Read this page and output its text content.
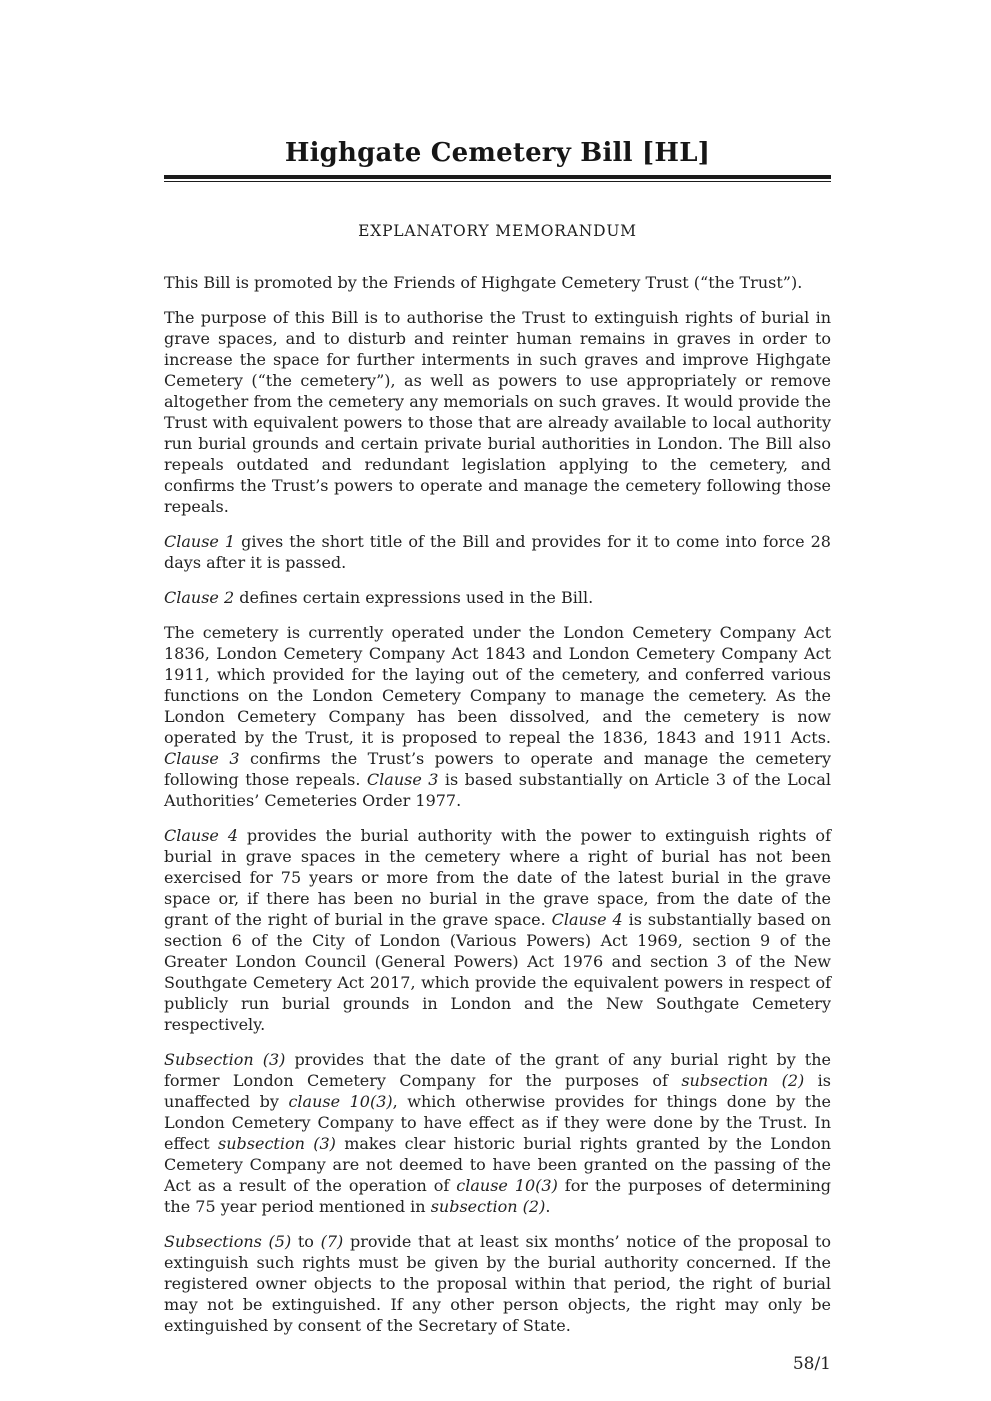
Highgate Cemetery Bill [HL]
EXPLANATORY MEMORANDUM

This Bill is promoted by the Friends of Highgate Cemetery Trust (“the Trust”).

The purpose of this Bill is to authorise the Trust to extinguish rights of burial in grave spaces, and to disturb and reinter human remains in graves in order to increase the space for further interments in such graves and improve Highgate Cemetery (“the cemetery”), as well as powers to use appropriately or remove altogether from the cemetery any memorials on such graves. It would provide the Trust with equivalent powers to those that are already available to local authority run burial grounds and certain private burial authorities in London. The Bill also repeals outdated and redundant legislation applying to the cemetery, and confirms the Trust’s powers to operate and manage the cemetery following those repeals.

Clause 1 gives the short title of the Bill and provides for it to come into force 28 days after it is passed.

Clause 2 defines certain expressions used in the Bill.

The cemetery is currently operated under the London Cemetery Company Act 1836, London Cemetery Company Act 1843 and London Cemetery Company Act 1911, which provided for the laying out of the cemetery, and conferred various functions on the London Cemetery Company to manage the cemetery. As the London Cemetery Company has been dissolved, and the cemetery is now operated by the Trust, it is proposed to repeal the 1836, 1843 and 1911 Acts. Clause 3 confirms the Trust’s powers to operate and manage the cemetery following those repeals. Clause 3 is based substantially on Article 3 of the Local Authorities’ Cemeteries Order 1977.

Clause 4 provides the burial authority with the power to extinguish rights of burial in grave spaces in the cemetery where a right of burial has not been exercised for 75 years or more from the date of the latest burial in the grave space or, if there has been no burial in the grave space, from the date of the grant of the right of burial in the grave space. Clause 4 is substantially based on section 6 of the City of London (Various Powers) Act 1969, section 9 of the Greater London Council (General Powers) Act 1976 and section 3 of the New Southgate Cemetery Act 2017, which provide the equivalent powers in respect of publicly run burial grounds in London and the New Southgate Cemetery respectively.

Subsection (3) provides that the date of the grant of any burial right by the former London Cemetery Company for the purposes of subsection (2) is unaffected by clause 10(3), which otherwise provides for things done by the London Cemetery Company to have effect as if they were done by the Trust. In effect subsection (3) makes clear historic burial rights granted by the London Cemetery Company are not deemed to have been granted on the passing of the Act as a result of the operation of clause 10(3) for the purposes of determining the 75 year period mentioned in subsection (2).

Subsections (5) to (7) provide that at least six months’ notice of the proposal to extinguish such rights must be given by the burial authority concerned. If the registered owner objects to the proposal within that period, the right of burial may not be extinguished. If any other person objects, the right may only be extinguished by consent of the Secretary of State.

58/1
